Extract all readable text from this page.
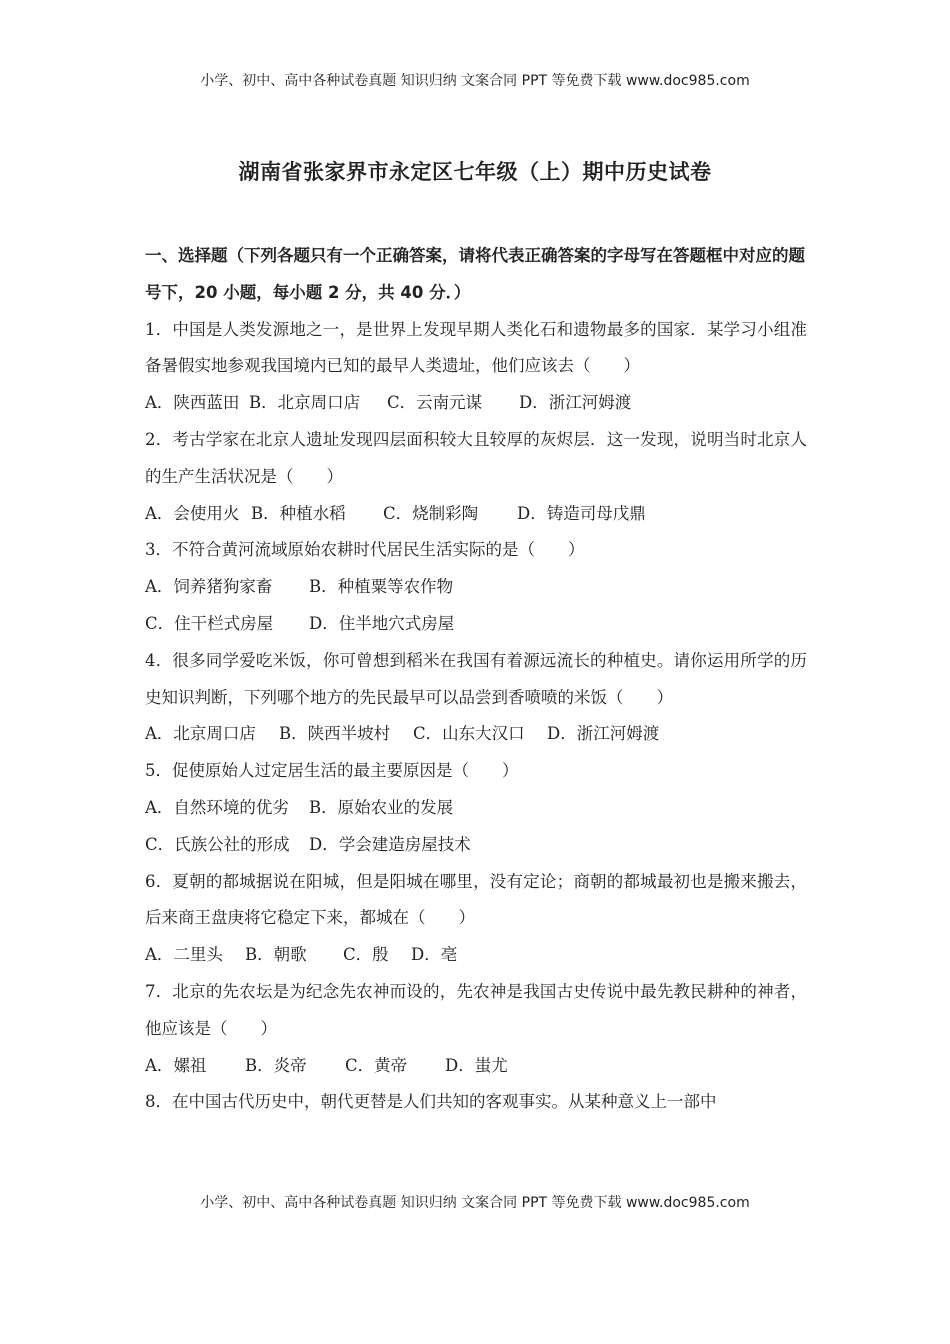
小学、初中、高中各种试卷真题 知识归纳 文案合同 PPT 等免费下载 www.doc985.com
湖南省张家界市永定区七年级（上）期中历史试卷

一、选择题（下列各题只有一个正确答案，请将代表正确答案的字母写在答题框中对应的题号下，20 小题，每小题 2 分，共 40 分．）

1．中国是人类发源地之一，是世界上发现早期人类化石和遗物最多的国家．某学习小组准备暑假实地参观我国境内已知的最早人类遗址，他们应该去（　　）

A．陕西蓝田 B．北京周口店 C．云南元谋 D．浙江河姆渡

2．考古学家在北京人遗址发现四层面积较大且较厚的灰烬层．这一发现，说明当时北京人的生产生活状况是（　　）

A．会使用火 B．种植水稻 C．烧制彩陶 D．铸造司母戊鼎

3．不符合黄河流域原始农耕时代居民生活实际的是（　　）

A．饲养猪狗家畜 B．种植粟等农作物

C．住干栏式房屋 D．住半地穴式房屋

4．很多同学爱吃米饭，你可曾想到稻米在我国有着源远流长的种植史。请你运用所学的历史知识判断，下列哪个地方的先民最早可以品尝到香喷喷的米饭（　　）

A．北京周口店 B．陕西半坡村 C．山东大汉口 D．浙江河姆渡

5．促使原始人过定居生活的最主要原因是（　　）

A．自然环境的优劣 B．原始农业的发展

C．氏族公社的形成 D．学会建造房屋技术

6．夏朝的都城据说在阳城，但是阳城在哪里，没有定论；商朝的都城最初也是搬来搬去，后来商王盘庚将它稳定下来，都城在（　　）

A．二里头 B．朝歌 C．殷 D．亳

7．北京的先农坛是为纪念先农神而设的，先农神是我国古史传说中最先教民耕种的神者，他应该是（　　）

A．嫘祖 B．炎帝 C．黄帝 D．蚩尤

8．在中国古代历史中，朝代更替是人们共知的客观事实。从某种意义上一部中

小学、初中、高中各种试卷真题 知识归纳 文案合同 PPT 等免费下载 www.doc985.com
